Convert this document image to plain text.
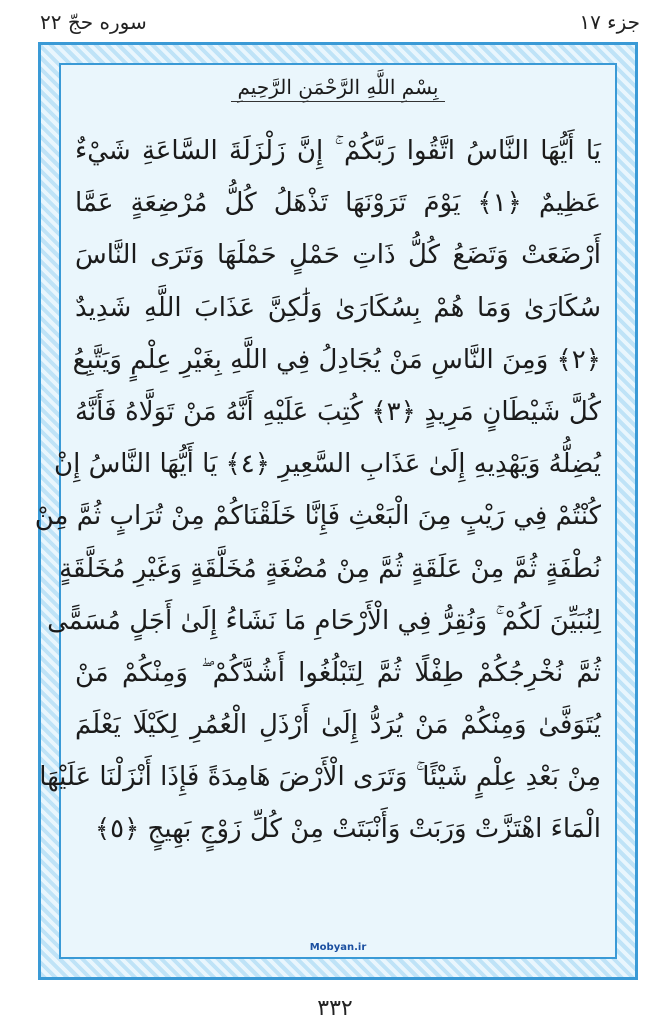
جزء ١٧
سوره حجّ ٢٢
بِسْمِ اللَّهِ الرَّحْمَنِ الرَّحِيمِ
يَا أَيُّهَا النَّاسُ اتَّقُوا رَبَّكُمْ ۚ إِنَّ زَلْزَلَةَ السَّاعَةِ شَيْءٌ
عَظِيمٌ ﴿١﴾ يَوْمَ تَرَوْنَهَا تَذْهَلُ كُلُّ مُرْضِعَةٍ عَمَّا
أَرْضَعَتْ وَتَضَعُ كُلُّ ذَاتِ حَمْلٍ حَمْلَهَا وَتَرَى النَّاسَ
سُكَارَىٰ وَمَا هُمْ بِسُكَارَىٰ وَلَٰكِنَّ عَذَابَ اللَّهِ شَدِيدٌ
﴿٢﴾ وَمِنَ النَّاسِ مَنْ يُجَادِلُ فِي اللَّهِ بِغَيْرِ عِلْمٍ وَيَتَّبِعُ
كُلَّ شَيْطَانٍ مَرِيدٍ ﴿٣﴾ كُتِبَ عَلَيْهِ أَنَّهُ مَنْ تَوَلَّاهُ فَأَنَّهُ
يُضِلُّهُ وَيَهْدِيهِ إِلَىٰ عَذَابِ السَّعِيرِ ﴿٤﴾ يَا أَيُّهَا النَّاسُ إِنْ
كُنْتُمْ فِي رَيْبٍ مِنَ الْبَعْثِ فَإِنَّا خَلَقْنَاكُمْ مِنْ تُرَابٍ ثُمَّ مِنْ
نُطْفَةٍ ثُمَّ مِنْ عَلَقَةٍ ثُمَّ مِنْ مُضْغَةٍ مُخَلَّقَةٍ وَغَيْرِ مُخَلَّقَةٍ
لِنُبَيِّنَ لَكُمْ ۚ وَنُقِرُّ فِي الْأَرْحَامِ مَا نَشَاءُ إِلَىٰ أَجَلٍ مُسَمًّى
ثُمَّ نُخْرِجُكُمْ طِفْلًا ثُمَّ لِتَبْلُغُوا أَشُدَّكُمْ ۖ وَمِنْكُمْ مَنْ
يُتَوَفَّىٰ وَمِنْكُمْ مَنْ يُرَدُّ إِلَىٰ أَرْذَلِ الْعُمُرِ لِكَيْلَا يَعْلَمَ
مِنْ بَعْدِ عِلْمٍ شَيْئًا ۚ وَتَرَى الْأَرْضَ هَامِدَةً فَإِذَا أَنْزَلْنَا عَلَيْهَا
الْمَاءَ اهْتَزَّتْ وَرَبَتْ وَأَنْبَتَتْ مِنْ كُلِّ زَوْجٍ بَهِيجٍ ﴿٥﴾
Mobyan.ir
٣٣٢
